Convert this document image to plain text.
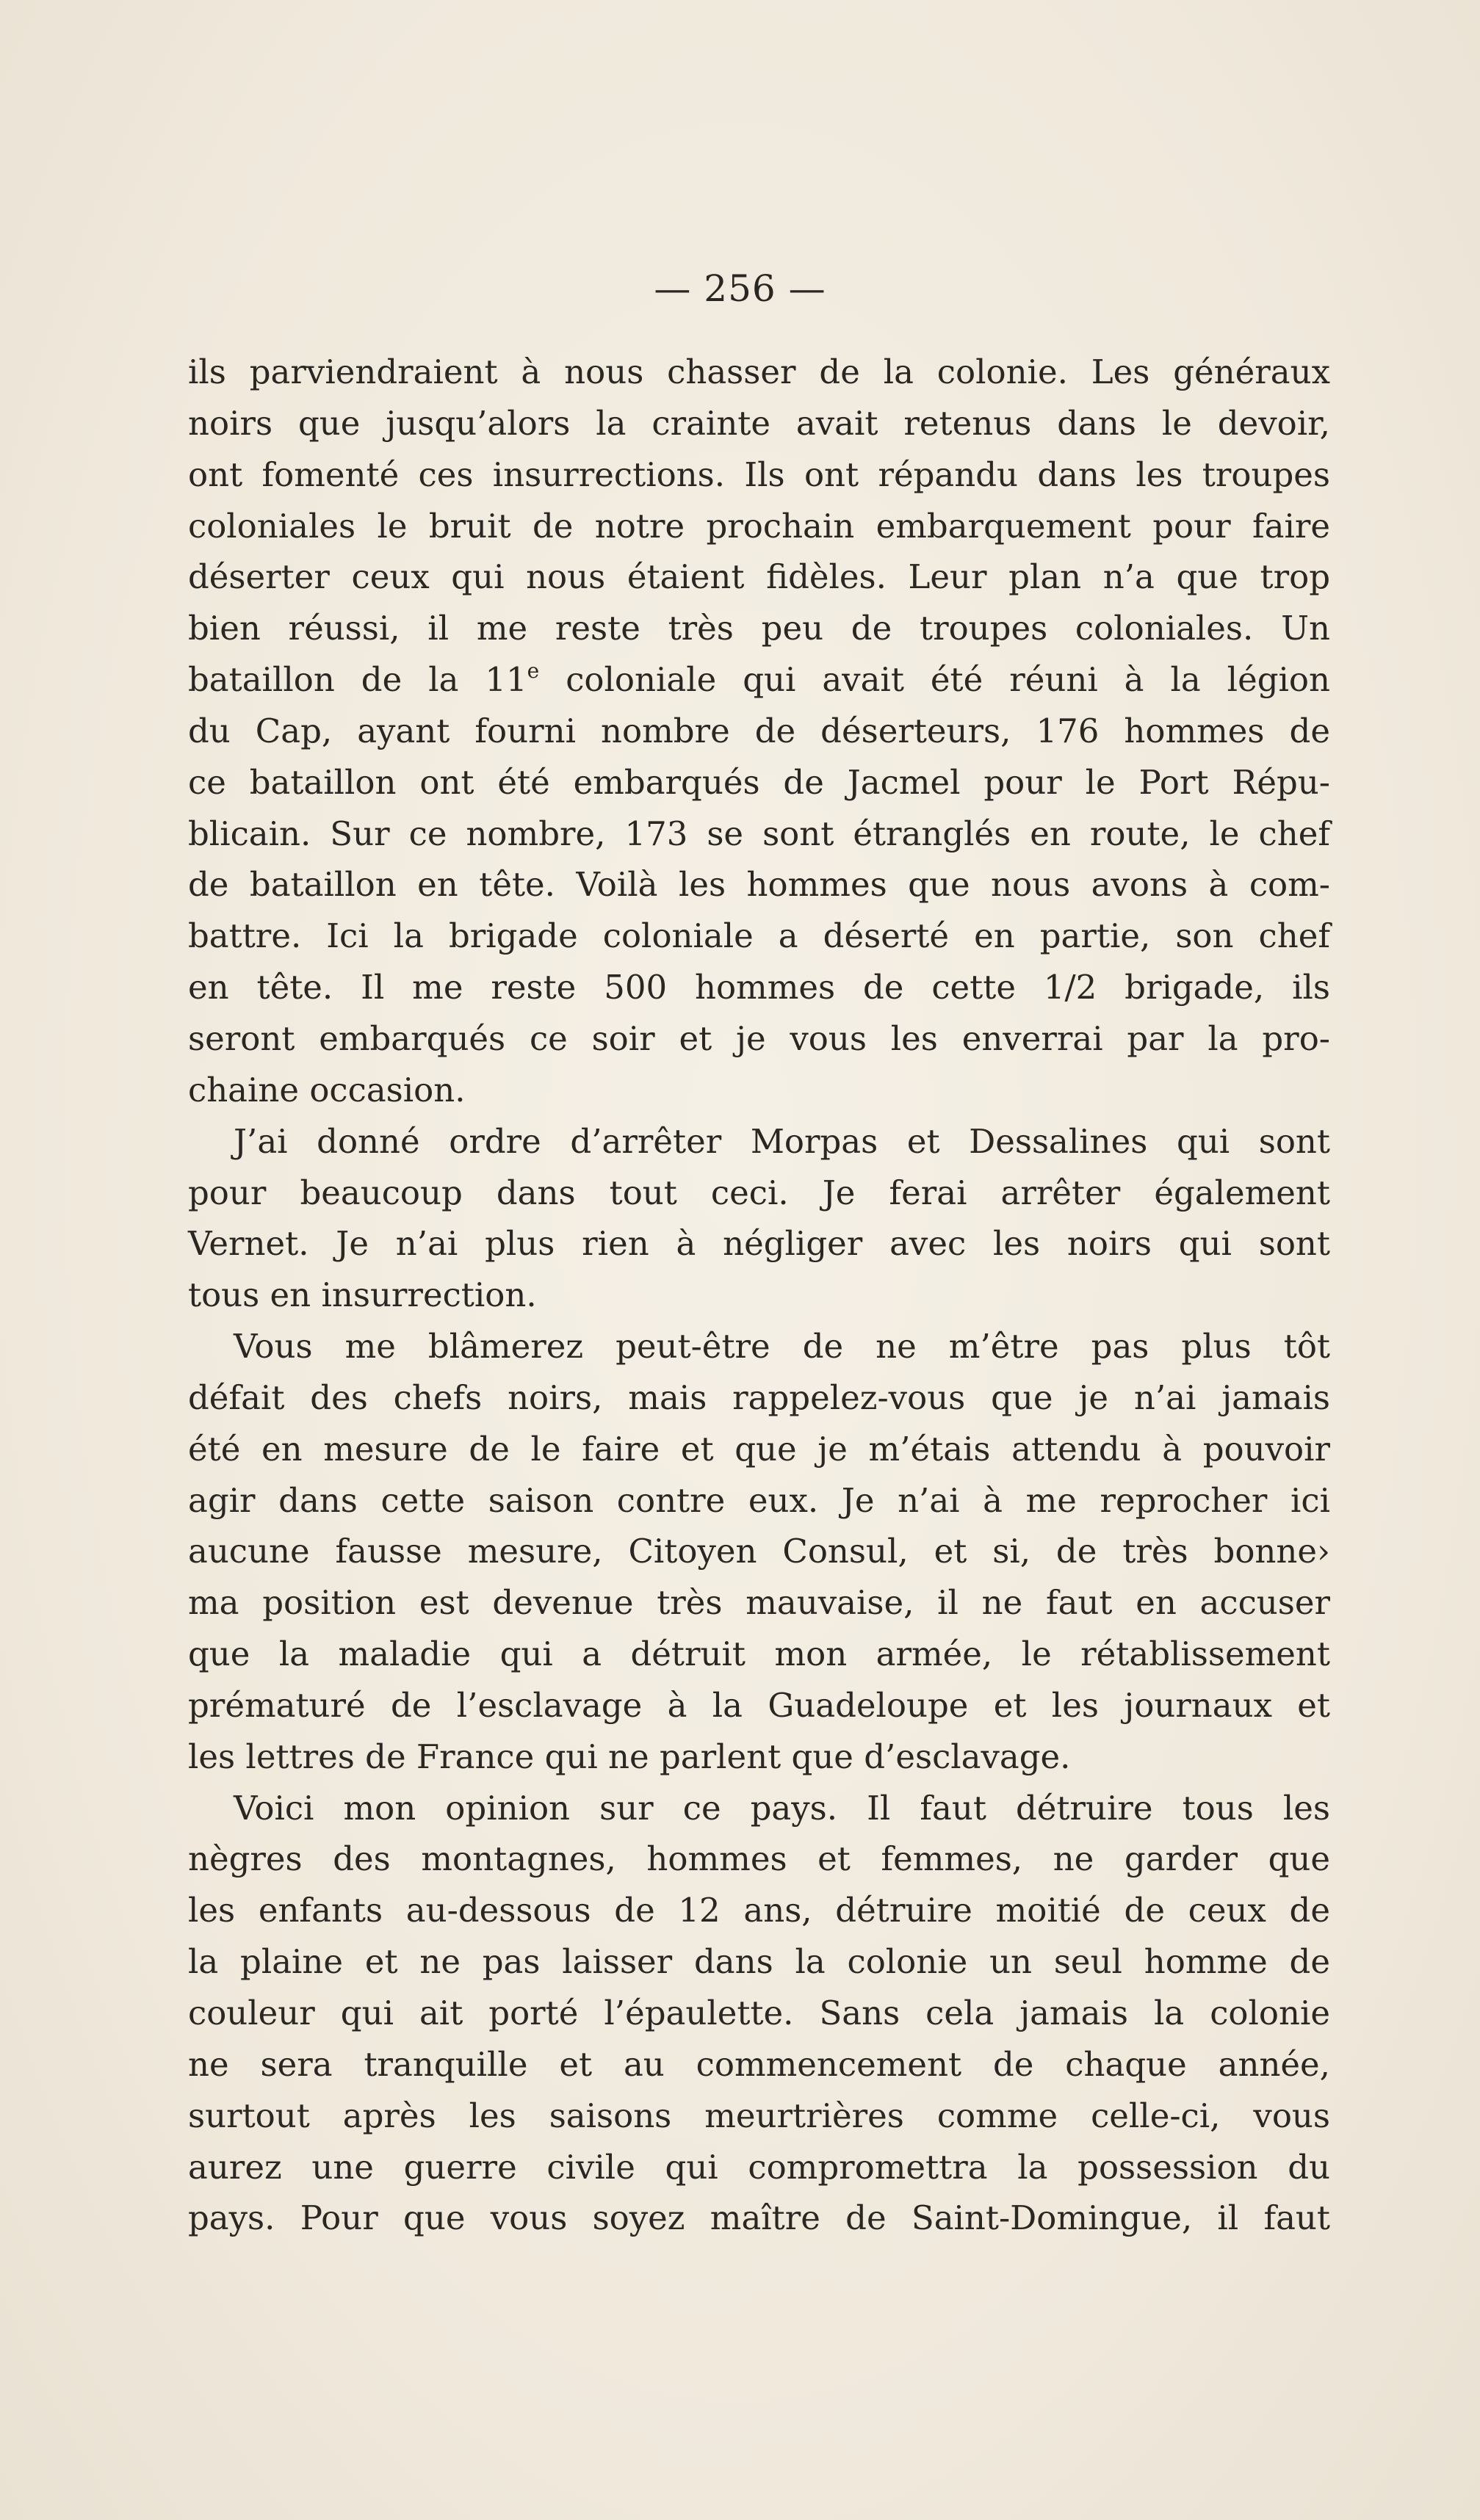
— 256 —
ils parviendraient à nous chasser de la colonie. Les généraux
noirs que jusqu’alors la crainte avait retenus dans le devoir,
ont fomenté ces insurrections. Ils ont répandu dans les troupes
coloniales le bruit de notre prochain embarquement pour faire
déserter ceux qui nous étaient fidèles. Leur plan n’a que trop
bien réussi, il me reste très peu de troupes coloniales. Un
bataillon de la 11e coloniale qui avait été réuni à la légion
du Cap, ayant fourni nombre de déserteurs, 176 hommes de
ce bataillon ont été embarqués de Jacmel pour le Port Répu-
blicain. Sur ce nombre, 173 se sont étranglés en route, le chef
de bataillon en tête. Voilà les hommes que nous avons à com-
battre. Ici la brigade coloniale a déserté en partie, son chef
en tête. Il me reste 500 hommes de cette 1/2 brigade, ils
seront embarqués ce soir et je vous les enverrai par la pro-
chaine occasion.
J’ai donné ordre d’arrêter Morpas et Dessalines qui sont
pour beaucoup dans tout ceci. Je ferai arrêter également
Vernet. Je n’ai plus rien à négliger avec les noirs qui sont
tous en insurrection.
Vous me blâmerez peut-être de ne m’être pas plus tôt
défait des chefs noirs, mais rappelez-vous que je n’ai jamais
été en mesure de le faire et que je m’étais attendu à pouvoir
agir dans cette saison contre eux. Je n’ai à me reprocher ici
aucune fausse mesure, Citoyen Consul, et si, de très bonne›
ma position est devenue très mauvaise, il ne faut en accuser
que la maladie qui a détruit mon armée, le rétablissement
prématuré de l’esclavage à la Guadeloupe et les journaux et
les lettres de France qui ne parlent que d’esclavage.
Voici mon opinion sur ce pays. Il faut détruire tous les
nègres des montagnes, hommes et femmes, ne garder que
les enfants au-dessous de 12 ans, détruire moitié de ceux de
la plaine et ne pas laisser dans la colonie un seul homme de
couleur qui ait porté l’épaulette. Sans cela jamais la colonie
ne sera tranquille et au commencement de chaque année,
surtout après les saisons meurtrières comme celle-ci, vous
aurez une guerre civile qui compromettra la possession du
pays. Pour que vous soyez maître de Saint-Domingue, il faut
